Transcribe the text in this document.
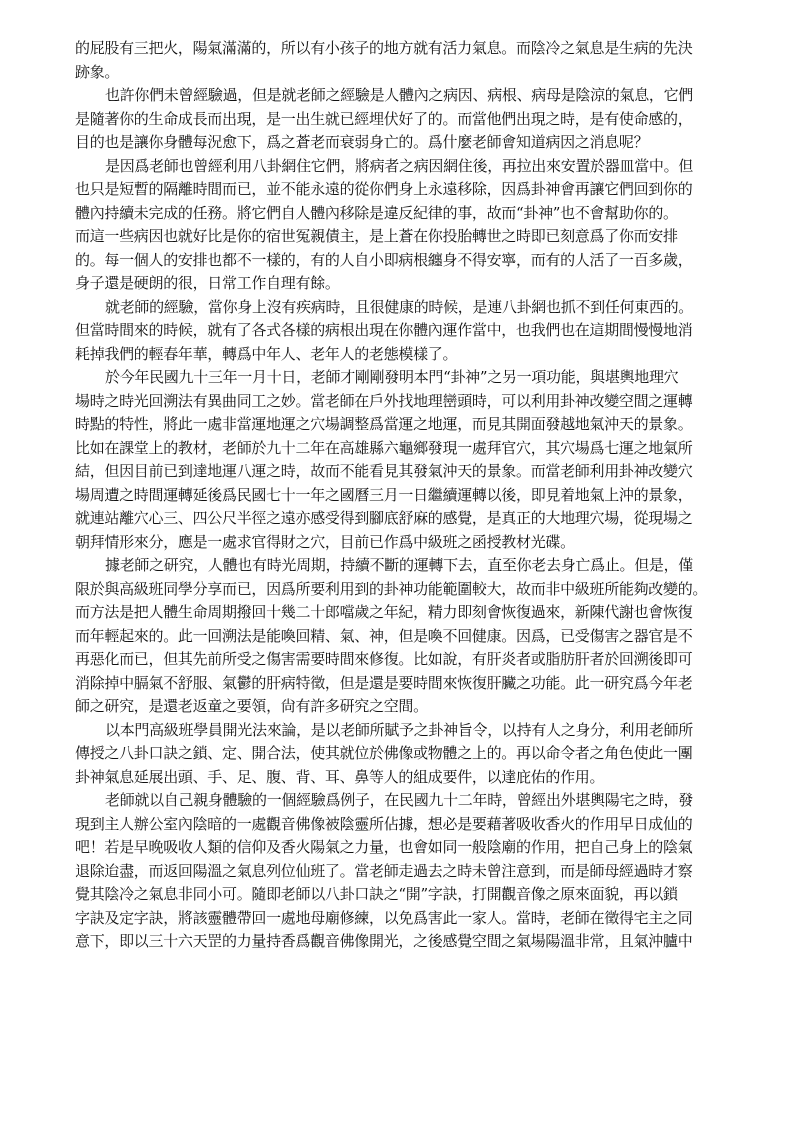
的屁股有三把火，陽氣滿滿的，所以有小孩子的地方就有活力氣息。而陰冷之氣息是生病的先決
跡象。
也許你們未曾經驗過，但是就老師之經驗是人體內之病因、病根、病母是陰涼的氣息，它們
是隨著你的生命成長而出現，是一出生就已經埋伏好了的。而當他們出現之時，是有使命感的，
目的也是讓你身體每況愈下，爲之蒼老而衰弱身亡的。爲什麼老師會知道病因之消息呢？
是因爲老師也曾經利用八卦網住它們，將病者之病因網住後，再拉出來安置於器皿當中。但
也只是短暫的隔離時間而已，並不能永遠的從你們身上永遠移除，因爲卦神會再讓它們回到你的
體內持續未完成的任務。將它們自人體內移除是違反紀律的事，故而“卦神”也不會幫助你的。
而這一些病因也就好比是你的宿世冤親債主，是上蒼在你投胎轉世之時即已刻意爲了你而安排
的。每一個人的安排也都不一樣的，有的人自小即病根纏身不得安寧，而有的人活了一百多歲，
身子還是硬朗的很，日常工作自理有餘。
就老師的經驗，當你身上沒有疾病時，且很健康的時候，是連八卦網也抓不到任何東西的。
但當時間來的時候，就有了各式各樣的病根出現在你體內運作當中，也我們也在這期間慢慢地消
耗掉我們的輕春年華，轉爲中年人、老年人的老態模樣了。
於今年民國九十三年一月十日，老師才剛剛發明本門“卦神”之另一項功能，與堪輿地理穴
場時之時光回溯法有異曲同工之妙。當老師在戶外找地理巒頭時，可以利用卦神改變空間之運轉
時點的特性，將此一處非當運地運之穴場調整爲當運之地運，而見其開面發越地氣沖天的景象。
比如在課堂上的教材，老師於九十二年在高雄縣六龜鄉發現一處拜官穴，其穴場爲七運之地氣所
結，但因目前已到達地運八運之時，故而不能看見其發氣沖天的景象。而當老師利用卦神改變穴
場周遭之時間運轉延後爲民國七十一年之國曆三月一日繼續運轉以後，即見着地氣上沖的景象，
就連站離穴心三、四公尺半徑之遠亦感受得到腳底舒麻的感覺，是真正的大地理穴場，從現場之
朝拜情形來分，應是一處求官得財之穴，目前已作爲中級班之函授教材光碟。
據老師之研究，人體也有時光周期，持續不斷的運轉下去，直至你老去身亡爲止。但是，僅
限於與高級班同學分享而已，因爲所要利用到的卦神功能範圍較大，故而非中級班所能夠改變的。
而方法是把人體生命周期撥回十幾二十郎噹歲之年紀，精力即刻會恢復過來，新陳代謝也會恢復
而年輕起來的。此一回溯法是能喚回精、氣、神，但是喚不回健康。因爲，已受傷害之器官是不
再惡化而已，但其先前所受之傷害需要時間來修復。比如說，有肝炎者或脂肪肝者於回溯後即可
消除掉中膈氣不舒服、氣鬱的肝病特徵，但是還是要時間來恢復肝臟之功能。此一研究爲今年老
師之研究，是還老返童之要領，尙有許多研究之空間。
以本門高級班學員開光法來論，是以老師所賦予之卦神旨令，以持有人之身分，利用老師所
傳授之八卦口訣之鎖、定、開合法，使其就位於佛像或物體之上的。再以命令者之角色使此一團
卦神氣息延展出頭、手、足、腹、背、耳、鼻等人的組成要件，以達庇佑的作用。
老師就以自己親身體驗的一個經驗爲例子，在民國九十二年時，曾經出外堪輿陽宅之時，發
現到主人辦公室內陰暗的一處觀音佛像被陰靈所佔據，想必是要藉著吸收香火的作用早日成仙的
吧！若是早晚吸收人類的信仰及香火陽氣之力量，也會如同一般陰廟的作用，把自己身上的陰氣
退除迨盡，而返回陽溫之氣息列位仙班了。當老師走過去之時未曾注意到，而是師母經過時才察
覺其陰冷之氣息非同小可。隨即老師以八卦口訣之“開”字訣，打開觀音像之原來面貌，再以鎖
字訣及定字訣，將該靈體帶回一處地母廟修練，以免爲害此一家人。當時，老師在徵得宅主之同
意下，即以三十六天罡的力量持香爲觀音佛像開光，之後感覺空間之氣場陽溫非常，且氣沖臚中
